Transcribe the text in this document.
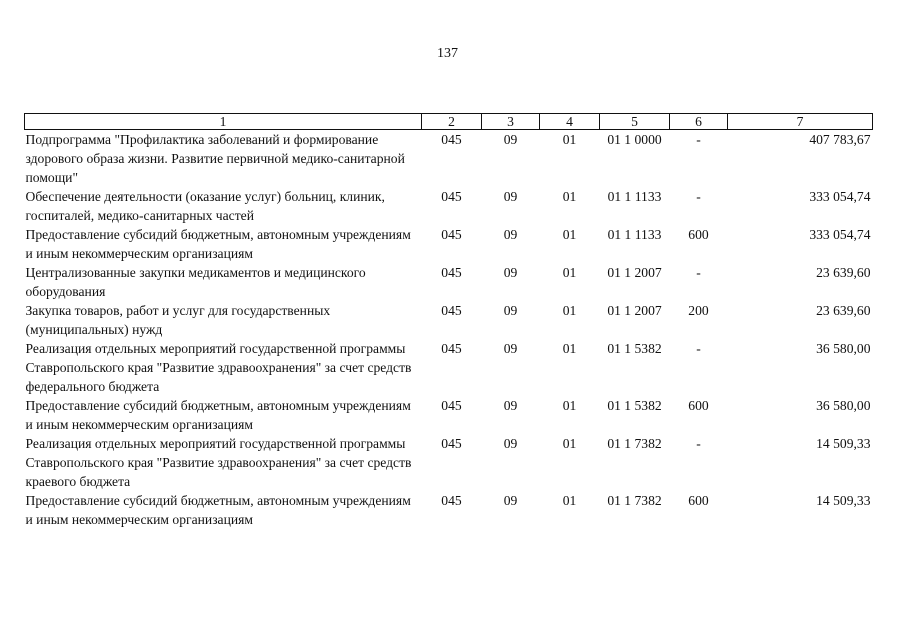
137
1	2	3	4	5	6	7
Подпрограмма "Профилактика заболеваний и формирование здорового образа жизни. Развитие первичной медико-санитарной помощи"	045	09	01	01 1 0000	-	407 783,67
Обеспечение деятельности (оказание услуг) больниц, клиник, госпиталей, медико-санитарных частей	045	09	01	01 1 1133	-	333 054,74
Предоставление субсидий бюджетным, автономным учреждениям и иным некоммерческим организациям	045	09	01	01 1 1133	600	333 054,74
Централизованные закупки медикаментов и медицинского оборудования	045	09	01	01 1 2007	-	23 639,60
Закупка товаров, работ и услуг для государственных (муниципальных) нужд	045	09	01	01 1 2007	200	23 639,60
Реализация отдельных мероприятий государственной программы Ставропольского края "Развитие здравоохранения" за счет средств федерального бюджета	045	09	01	01 1 5382	-	36 580,00
Предоставление субсидий бюджетным, автономным учреждениям и иным некоммерческим организациям	045	09	01	01 1 5382	600	36 580,00
Реализация отдельных мероприятий государственной программы Ставропольского края "Развитие здравоохранения" за счет средств краевого бюджета	045	09	01	01 1 7382	-	14 509,33
Предоставление субсидий бюджетным, автономным учреждениям и иным некоммерческим организациям	045	09	01	01 1 7382	600	14 509,33
